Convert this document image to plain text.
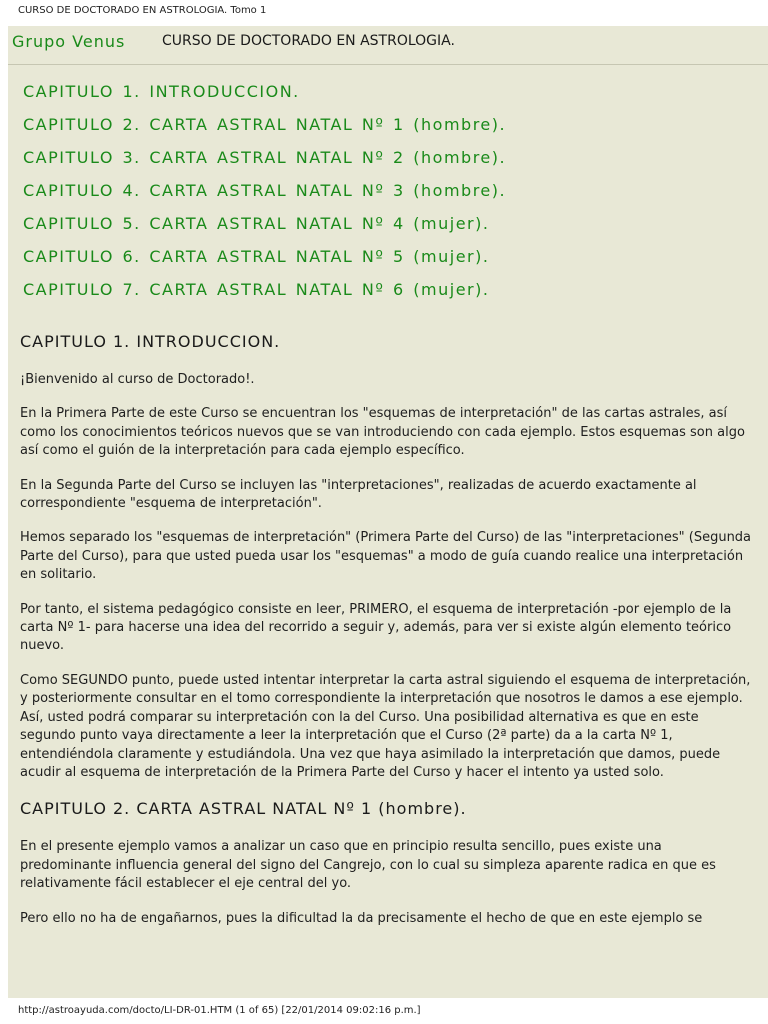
CURSO DE DOCTORADO EN ASTROLOGIA. Tomo 1
Grupo Venus	CURSO DE DOCTORADO EN ASTROLOGIA.
CAPITULO 1. INTRODUCCION.
CAPITULO 2. CARTA ASTRAL NATAL Nº 1 (hombre).
CAPITULO 3. CARTA ASTRAL NATAL Nº 2 (hombre).
CAPITULO 4. CARTA ASTRAL NATAL Nº 3 (hombre).
CAPITULO 5. CARTA ASTRAL NATAL Nº 4 (mujer).
CAPITULO 6. CARTA ASTRAL NATAL Nº 5 (mujer).
CAPITULO 7. CARTA ASTRAL NATAL Nº 6 (mujer).
CAPITULO 1. INTRODUCCION.

¡Bienvenido al curso de Doctorado!.

En la Primera Parte de este Curso se encuentran los "esquemas de interpretación" de las cartas astrales, así como los conocimientos teóricos nuevos que se van introduciendo con cada ejemplo. Estos esquemas son algo así como el guión de la interpretación para cada ejemplo específico.

En la Segunda Parte del Curso se incluyen las "interpretaciones", realizadas de acuerdo exactamente al correspondiente "esquema de interpretación".

Hemos separado los "esquemas de interpretación" (Primera Parte del Curso) de las "interpretaciones" (Segunda Parte del Curso), para que usted pueda usar los "esquemas" a modo de guía cuando realice una interpretación en solitario.

Por tanto, el sistema pedagógico consiste en leer, PRIMERO, el esquema de interpretación -por ejemplo de la carta Nº 1- para hacerse una idea del recorrido a seguir y, además, para ver si existe algún elemento teórico nuevo.

Como SEGUNDO punto, puede usted intentar interpretar la carta astral siguiendo el esquema de interpretación, y posteriormente consultar en el tomo correspondiente la interpretación que nosotros le damos a ese ejemplo. Así, usted podrá comparar su interpretación con la del Curso. Una posibilidad alternativa es que en este segundo punto vaya directamente a leer la interpretación que el Curso (2ª parte) da a la carta Nº 1, entendiéndola claramente y estudiándola. Una vez que haya asimilado la interpretación que damos, puede acudir al esquema de interpretación de la Primera Parte del Curso y hacer el intento ya usted solo.

CAPITULO 2. CARTA ASTRAL NATAL Nº 1 (hombre).

En el presente ejemplo vamos a analizar un caso que en principio resulta sencillo, pues existe una predominante influencia general del signo del Cangrejo, con lo cual su simpleza aparente radica en que es relativamente fácil establecer el eje central del yo.

Pero ello no ha de engañarnos, pues la dificultad la da precisamente el hecho de que en este ejemplo se

http://astroayuda.com/docto/LI-DR-01.HTM (1 of 65) [22/01/2014 09:02:16 p.m.]
